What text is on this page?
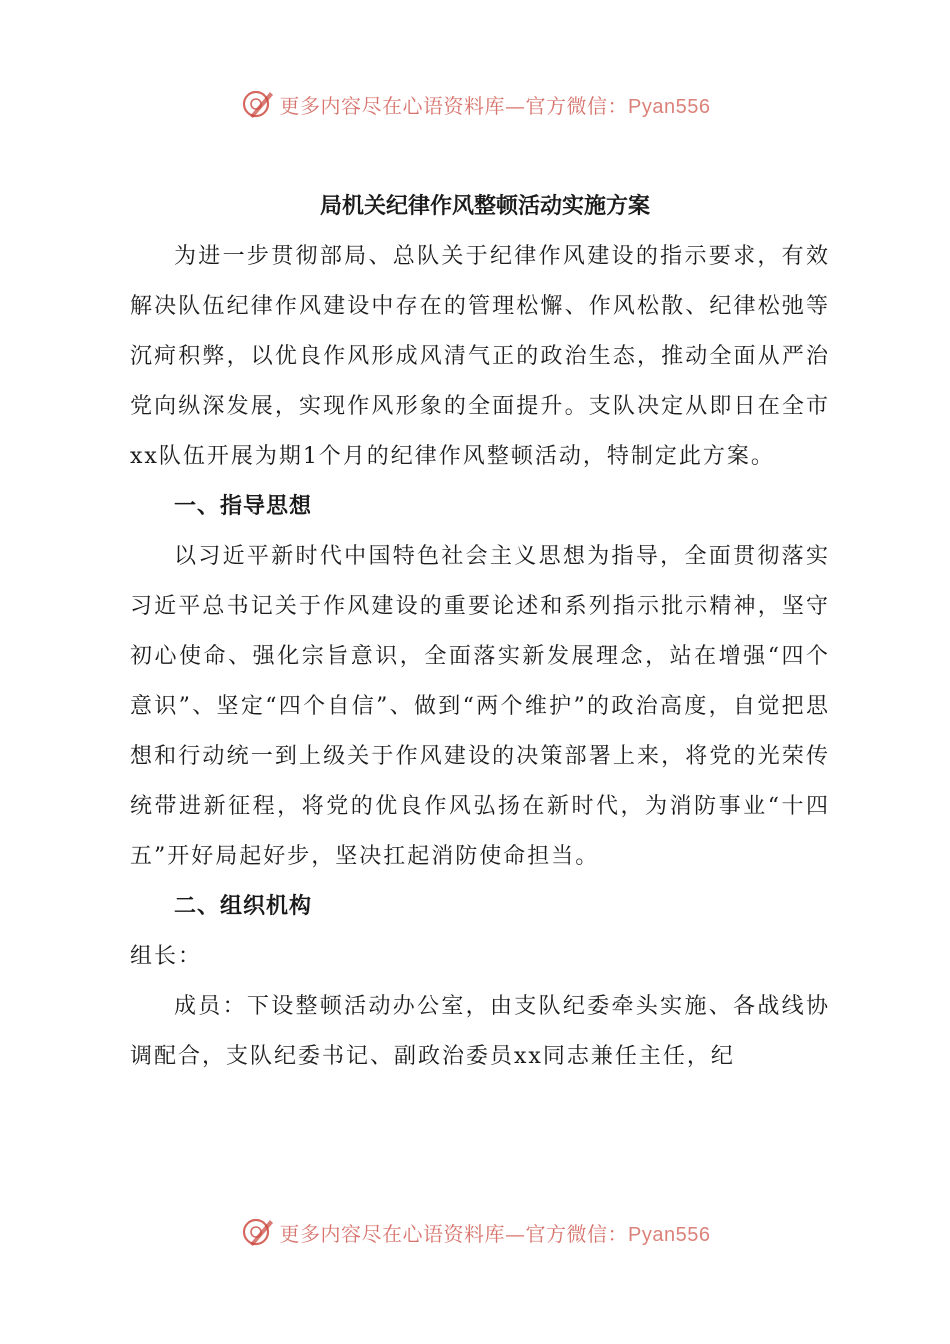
更多内容尽在心语资料库—官方微信：Pyan556
局机关纪律作风整顿活动实施方案

为进一步贯彻部局、总队关于纪律作风建设的指示要求，有效解决队伍纪律作风建设中存在的管理松懈、作风松散、纪律松弛等沉疴积弊，以优良作风形成风清气正的政治生态，推动全面从严治党向纵深发展，实现作风形象的全面提升。支队决定从即日在全市xx队伍开展为期1个月的纪律作风整顿活动，特制定此方案。

一、指导思想

以习近平新时代中国特色社会主义思想为指导，全面贯彻落实习近平总书记关于作风建设的重要论述和系列指示批示精神，坚守初心使命、强化宗旨意识，全面落实新发展理念，站在增强“四个意识”、坚定“四个自信”、做到“两个维护”的政治高度，自觉把思想和行动统一到上级关于作风建设的决策部署上来，将党的光荣传统带进新征程，将党的优良作风弘扬在新时代，为消防事业“十四五”开好局起好步，坚决扛起消防使命担当。

二、组织机构

组长：

成员：下设整顿活动办公室，由支队纪委牵头实施、各战线协调配合，支队纪委书记、副政治委员xx同志兼任主任，纪

更多内容尽在心语资料库—官方微信：Pyan556
